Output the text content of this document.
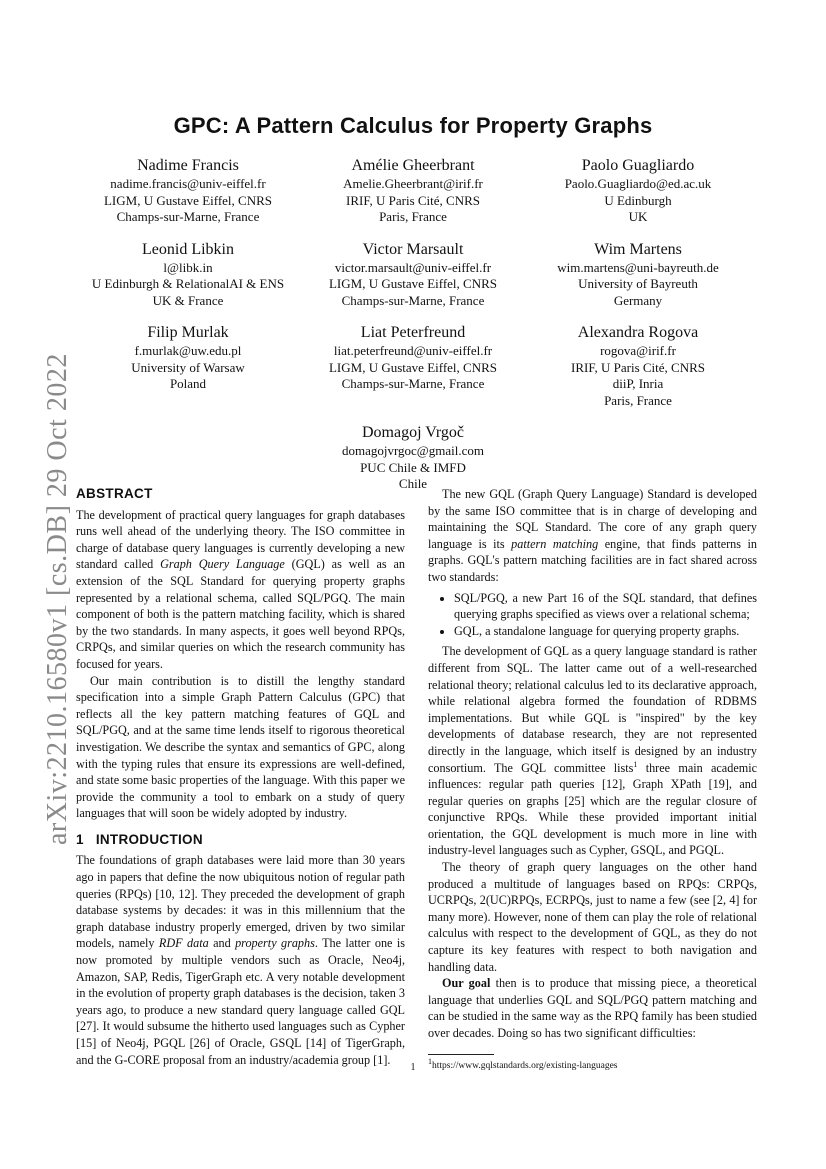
arXiv:2210.16580v1 [cs.DB] 29 Oct 2022
GPC: A Pattern Calculus for Property Graphs
Nadime Francis
nadime.francis@univ-eiffel.fr
LIGM, U Gustave Eiffel, CNRS
Champs-sur-Marne, France
Amélie Gheerbrant
Amelie.Gheerbrant@irif.fr
IRIF, U Paris Cité, CNRS
Paris, France
Paolo Guagliardo
Paolo.Guagliardo@ed.ac.uk
U Edinburgh
UK
Leonid Libkin
l@libk.in
U Edinburgh & RelationalAI & ENS
UK & France
Victor Marsault
victor.marsault@univ-eiffel.fr
LIGM, U Gustave Eiffel, CNRS
Champs-sur-Marne, France
Wim Martens
wim.martens@uni-bayreuth.de
University of Bayreuth
Germany
Filip Murlak
f.murlak@uw.edu.pl
University of Warsaw
Poland
Liat Peterfreund
liat.peterfreund@univ-eiffel.fr
LIGM, U Gustave Eiffel, CNRS
Champs-sur-Marne, France
Alexandra Rogova
rogova@irif.fr
IRIF, U Paris Cité, CNRS
diiP, Inria
Paris, France
Domagoj Vrgoč
domagojvrgoc@gmail.com
PUC Chile & IMFD
Chile
ABSTRACT

The development of practical query languages for graph databases runs well ahead of the underlying theory. The ISO committee in charge of database query languages is currently developing a new standard called Graph Query Language (GQL) as well as an extension of the SQL Standard for querying property graphs represented by a relational schema, called SQL/PGQ. The main component of both is the pattern matching facility, which is shared by the two standards. In many aspects, it goes well beyond RPQs, CRPQs, and similar queries on which the research community has focused for years.

Our main contribution is to distill the lengthy standard specification into a simple Graph Pattern Calculus (GPC) that reflects all the key pattern matching features of GQL and SQL/PGQ, and at the same time lends itself to rigorous theoretical investigation. We describe the syntax and semantics of GPC, along with the typing rules that ensure its expressions are well-defined, and state some basic properties of the language. With this paper we provide the community a tool to embark on a study of query languages that will soon be widely adopted by industry.

1 INTRODUCTION

The foundations of graph databases were laid more than 30 years ago in papers that define the now ubiquitous notion of regular path queries (RPQs) [10, 12]. They preceded the development of graph database systems by decades: it was in this millennium that the graph database industry properly emerged, driven by two similar models, namely RDF data and property graphs. The latter one is now promoted by multiple vendors such as Oracle, Neo4j, Amazon, SAP, Redis, TigerGraph etc. A very notable development in the evolution of property graph databases is the decision, taken 3 years ago, to produce a new standard query language called GQL [27]. It would subsume the hitherto used languages such as Cypher [15] of Neo4j, PGQL [26] of Oracle, GSQL [14] of TigerGraph, and the G-CORE proposal from an industry/academia group [1].

The new GQL (Graph Query Language) Standard is developed by the same ISO committee that is in charge of developing and maintaining the SQL Standard. The core of any graph query language is its pattern matching engine, that finds patterns in graphs. GQL's pattern matching facilities are in fact shared across two standards:

• SQL/PGQ, a new Part 16 of the SQL standard, that defines querying graphs specified as views over a relational schema;
• GQL, a standalone language for querying property graphs.

The development of GQL as a query language standard is rather different from SQL. The latter came out of a well-researched relational theory; relational calculus led to its declarative approach, while relational algebra formed the foundation of RDBMS implementations. But while GQL is "inspired" by the key developments of database research, they are not represented directly in the language, which itself is designed by an industry consortium. The GQL committee lists$^1$ three main academic influences: regular path queries [12], Graph XPath [19], and regular queries on graphs [25] which are the regular closure of conjunctive RPQs. While these provided important initial orientation, the GQL development is much more in line with industry-level languages such as Cypher, GSQL, and PGQL.

The theory of graph query languages on the other hand produced a multitude of languages based on RPQs: CRPQs, UCRPQs, 2(UC)RPQs, ECRPQs, just to name a few (see [2, 4] for many more). However, none of them can play the role of relational calculus with respect to the development of GQL, as they do not capture its key features with respect to both navigation and handling data.

Our goal then is to produce that missing piece, a theoretical language that underlies GQL and SQL/PGQ pattern matching and can be studied in the same way as the RPQ family has been studied over decades. Doing so has two significant difficulties:

$^1$https://www.gqlstandards.org/existing-languages
1
